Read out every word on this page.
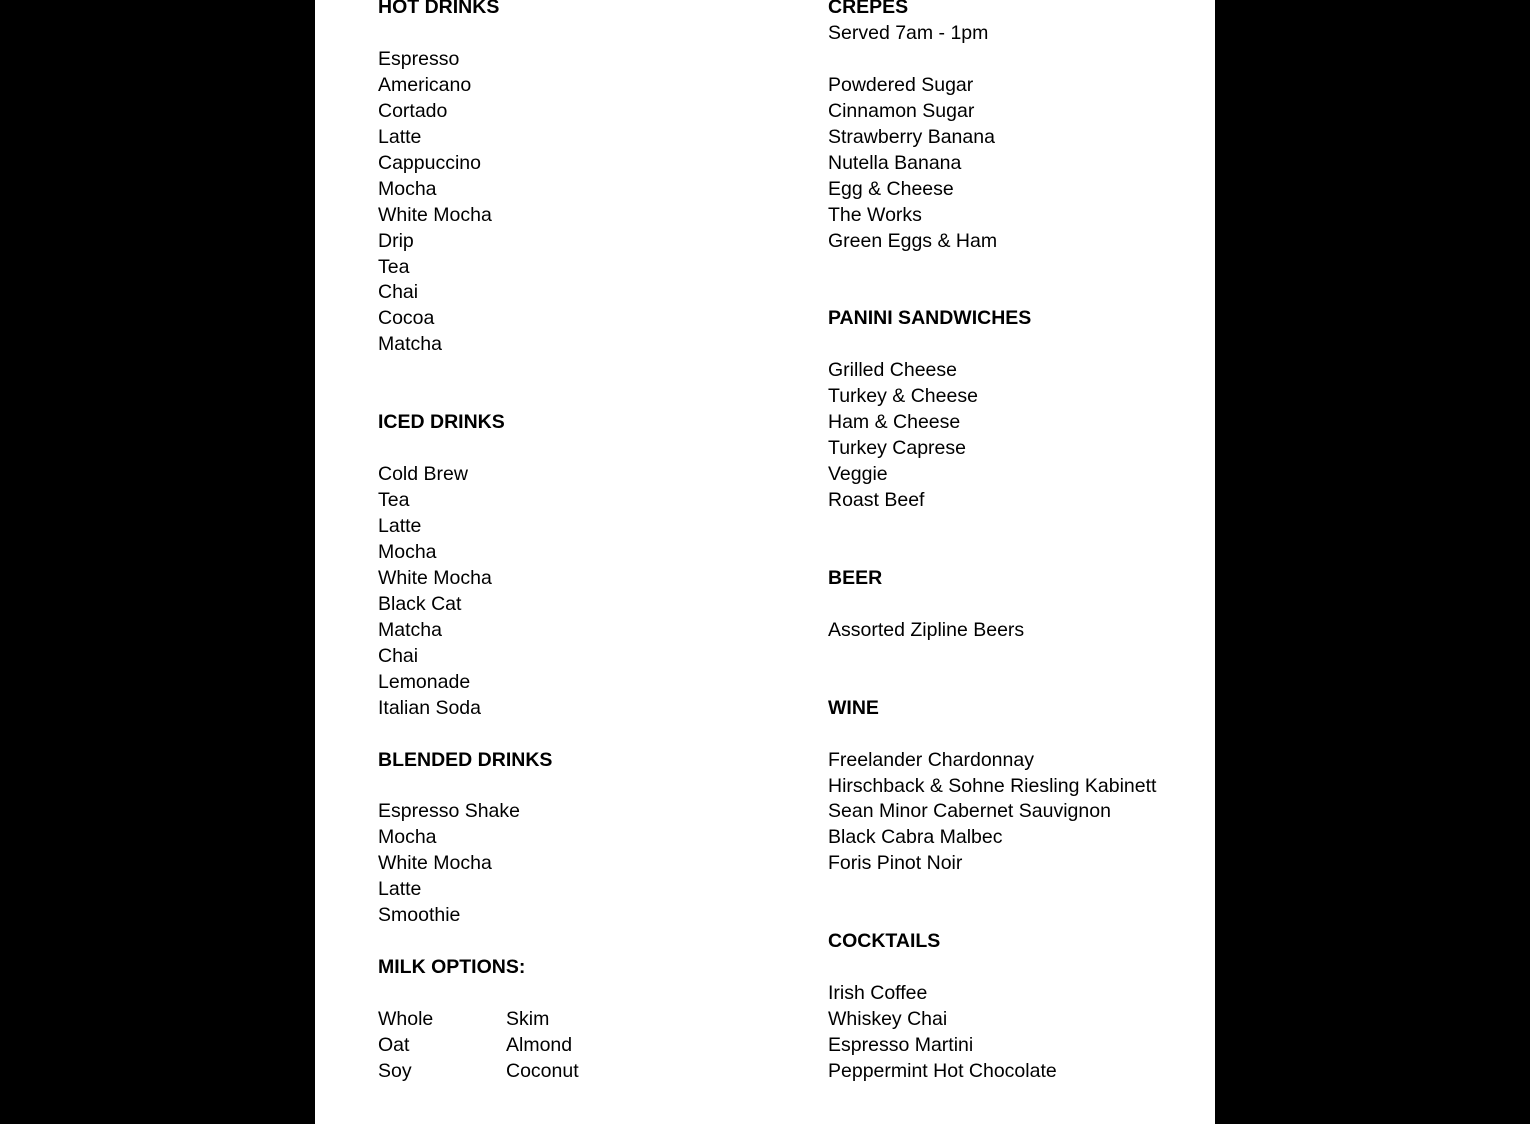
HOT DRINKS
Espresso
Americano
Cortado
Latte
Cappuccino
Mocha
White Mocha
Drip
Tea
Chai
Cocoa
Matcha
ICED DRINKS
Cold Brew
Tea
Latte
Mocha
White Mocha
Black Cat
Matcha
Chai
Lemonade
Italian Soda
BLENDED DRINKS
Espresso Shake
Mocha
White Mocha
Latte
Smoothie
MILK OPTIONS:
Whole
Oat
Soy
Skim
Almond
Coconut
CREPES
Served 7am - 1pm
Powdered Sugar
Cinnamon Sugar
Strawberry Banana
Nutella Banana
Egg & Cheese
The Works
Green Eggs & Ham
PANINI SANDWICHES
Grilled Cheese
Turkey & Cheese
Ham & Cheese
Turkey Caprese
Veggie
Roast Beef
BEER
Assorted Zipline Beers
WINE
Freelander Chardonnay
Hirschback & Sohne Riesling Kabinett
Sean Minor Cabernet Sauvignon
Black Cabra Malbec
Foris Pinot Noir
COCKTAILS
Irish Coffee
Whiskey Chai
Espresso Martini
Peppermint Hot Chocolate
